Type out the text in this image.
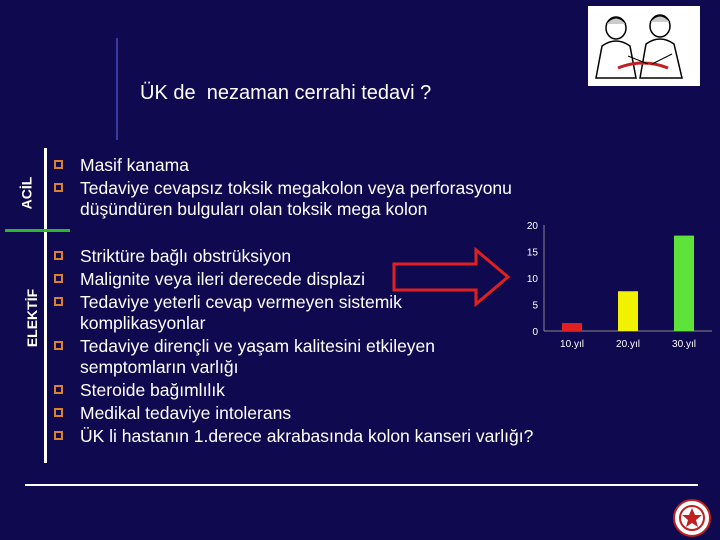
ÜK de  nezaman cerrahi tedavi ?
ACİL
ELEKTİF
Masif kanama
Tedaviye cevapsız toksik megakolon veya perforasyonu düşündüren bulguları olan toksik mega kolon
Striktüre bağlı obstrüksiyon
Malignite veya ileri derecede displazi
Tedaviye yeterli cevap vermeyen sistemik komplikasyonlar
Tedaviye dirençli ve yaşam kalitesini etkileyen semptomların varlığı
Steroide bağımlılık
Medikal tedaviye intolerans
ÜK li hastanın 1.derece akrabasında kolon kanseri varlığı?
0
5
10
15
20
10.yıl	20.yıl	30.yıl
